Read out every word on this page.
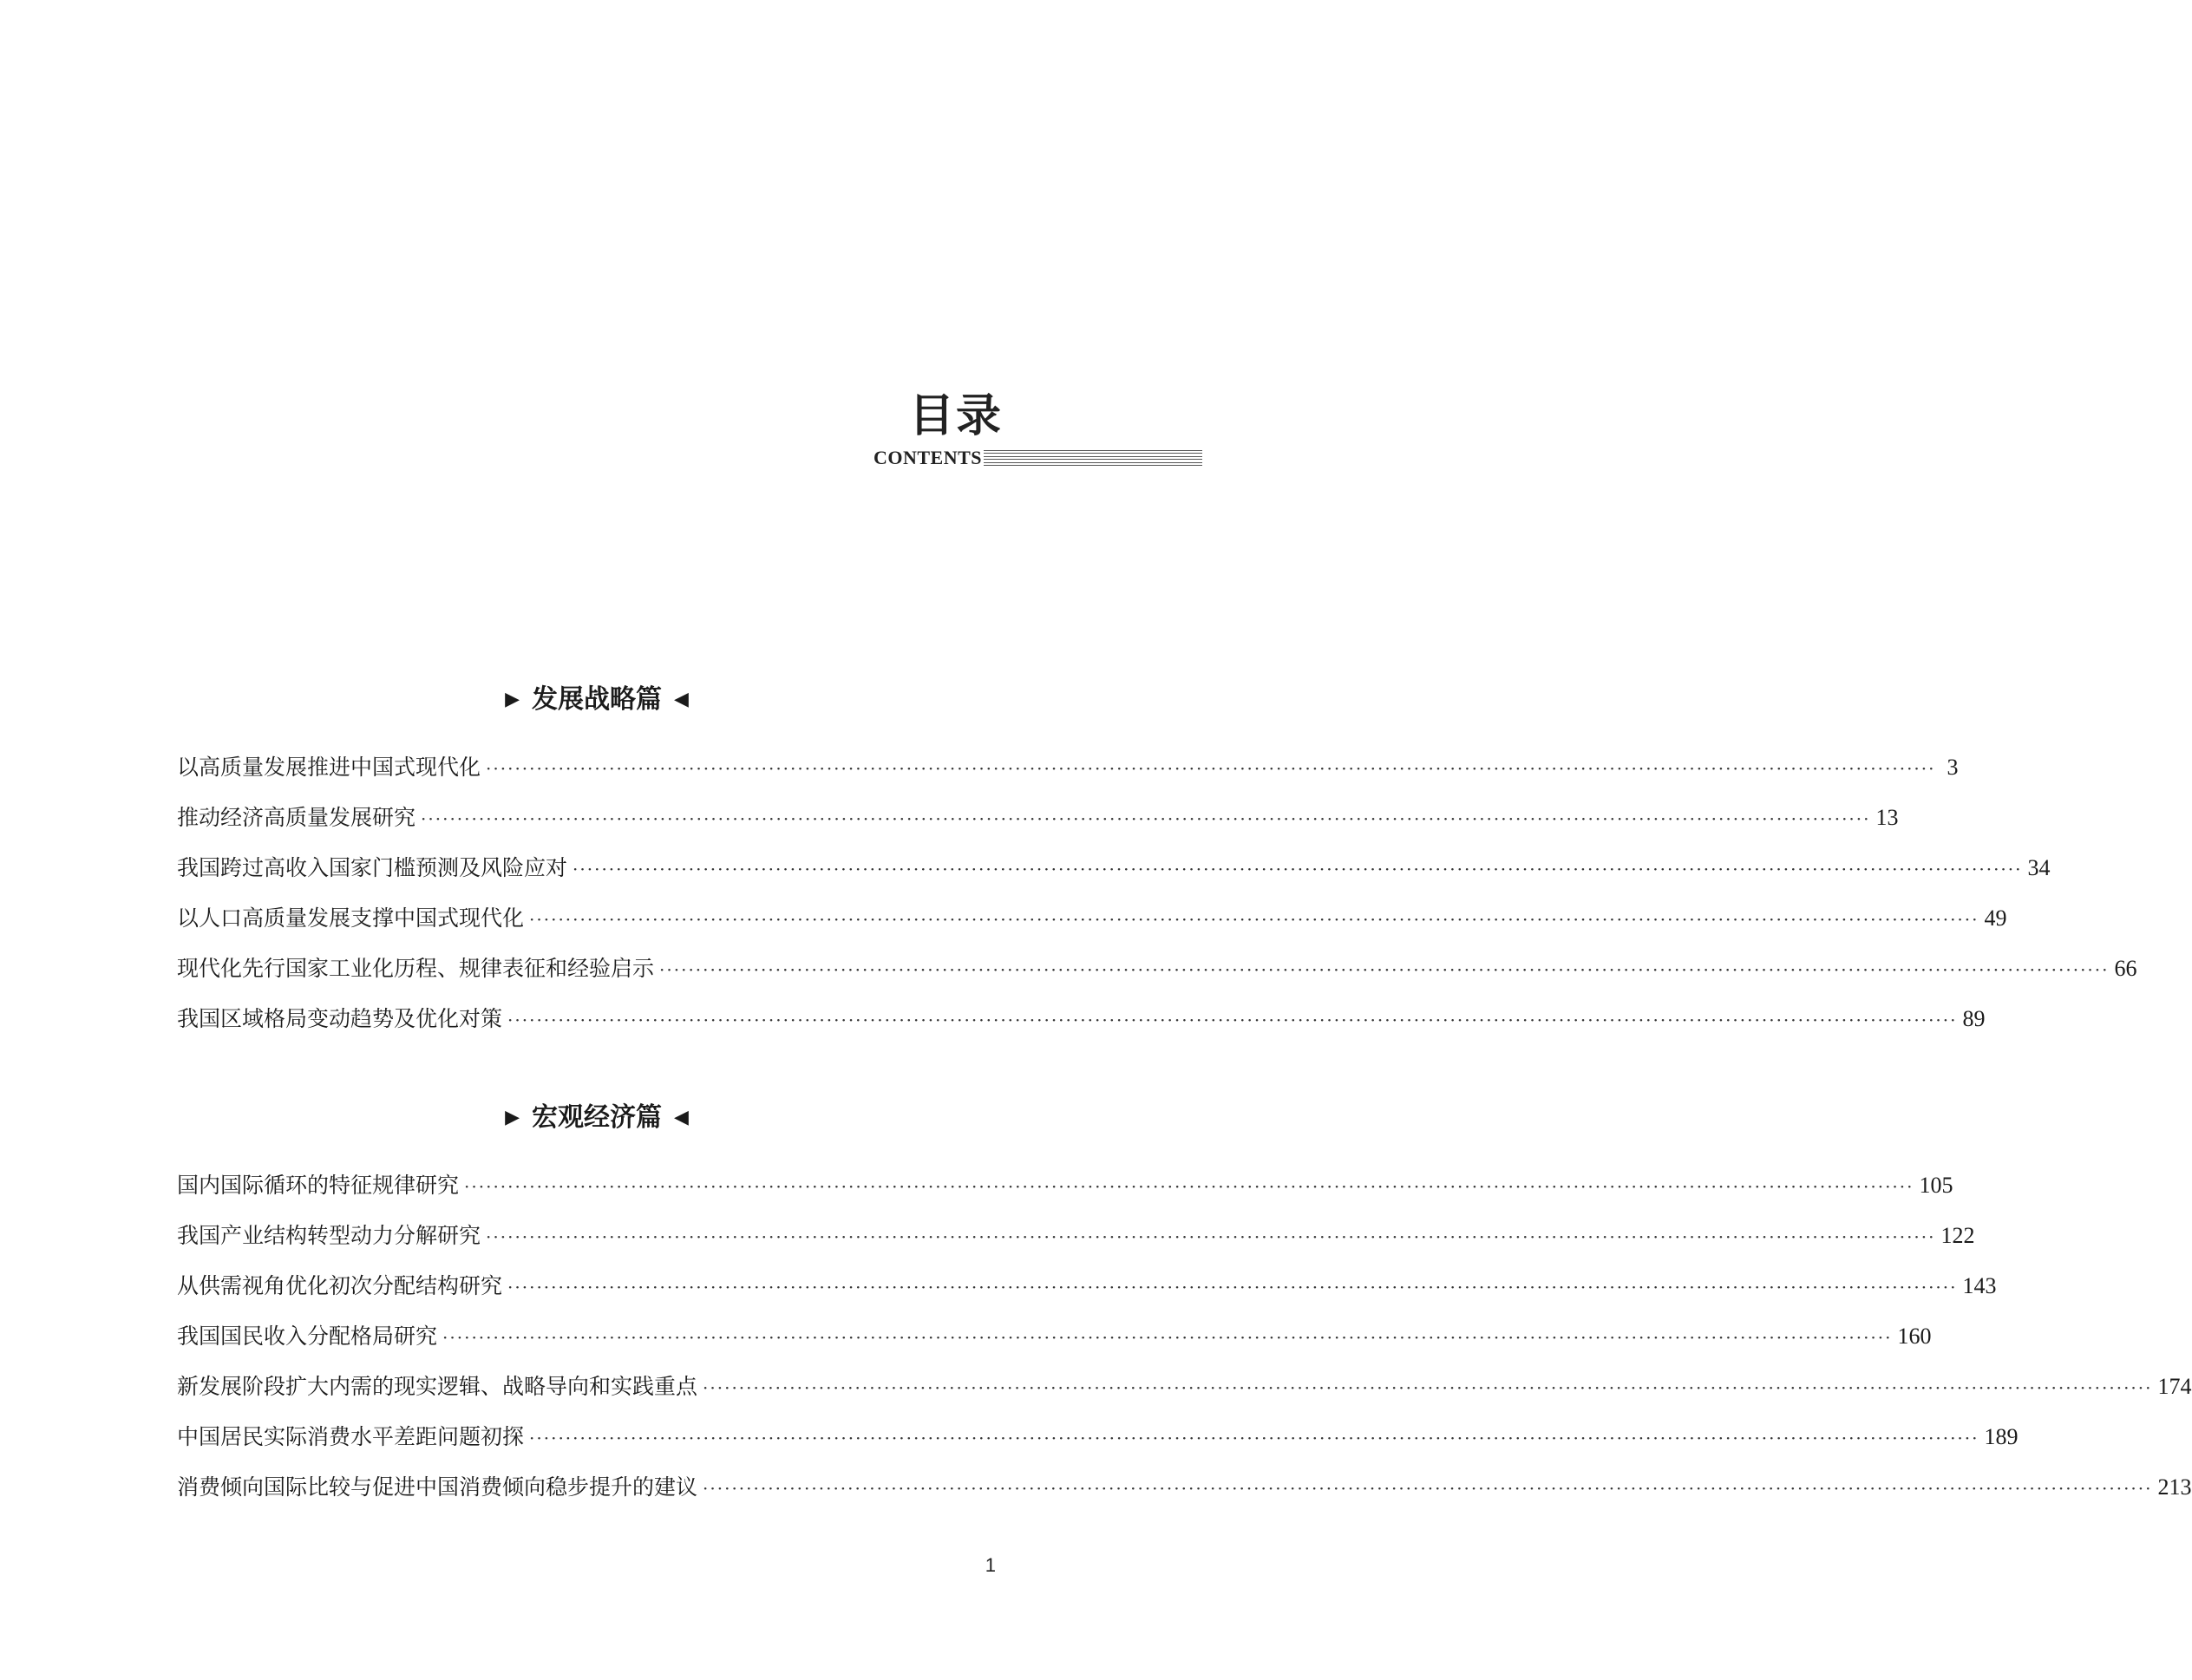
目录
CONTENTS
▶ 发展战略篇 ◀
以高质量发展推进中国式现代化 ········································································································································································································ 3
推动经济高质量发展研究 ········································································································································································································ 13
我国跨过高收入国家门槛预测及风险应对 ········································································································································································································ 34
以人口高质量发展支撑中国式现代化 ········································································································································································································ 49
现代化先行国家工业化历程、规律表征和经验启示 ········································································································································································································ 66
我国区域格局变动趋势及优化对策 ········································································································································································································ 89
▶ 宏观经济篇 ◀
国内国际循环的特征规律研究 ········································································································································································································ 105
我国产业结构转型动力分解研究 ········································································································································································································ 122
从供需视角优化初次分配结构研究 ········································································································································································································ 143
我国国民收入分配格局研究 ········································································································································································································ 160
新发展阶段扩大内需的现实逻辑、战略导向和实践重点 ········································································································································································································ 174
中国居民实际消费水平差距问题初探 ········································································································································································································ 189
消费倾向国际比较与促进中国消费倾向稳步提升的建议 ········································································································································································································ 213
1
